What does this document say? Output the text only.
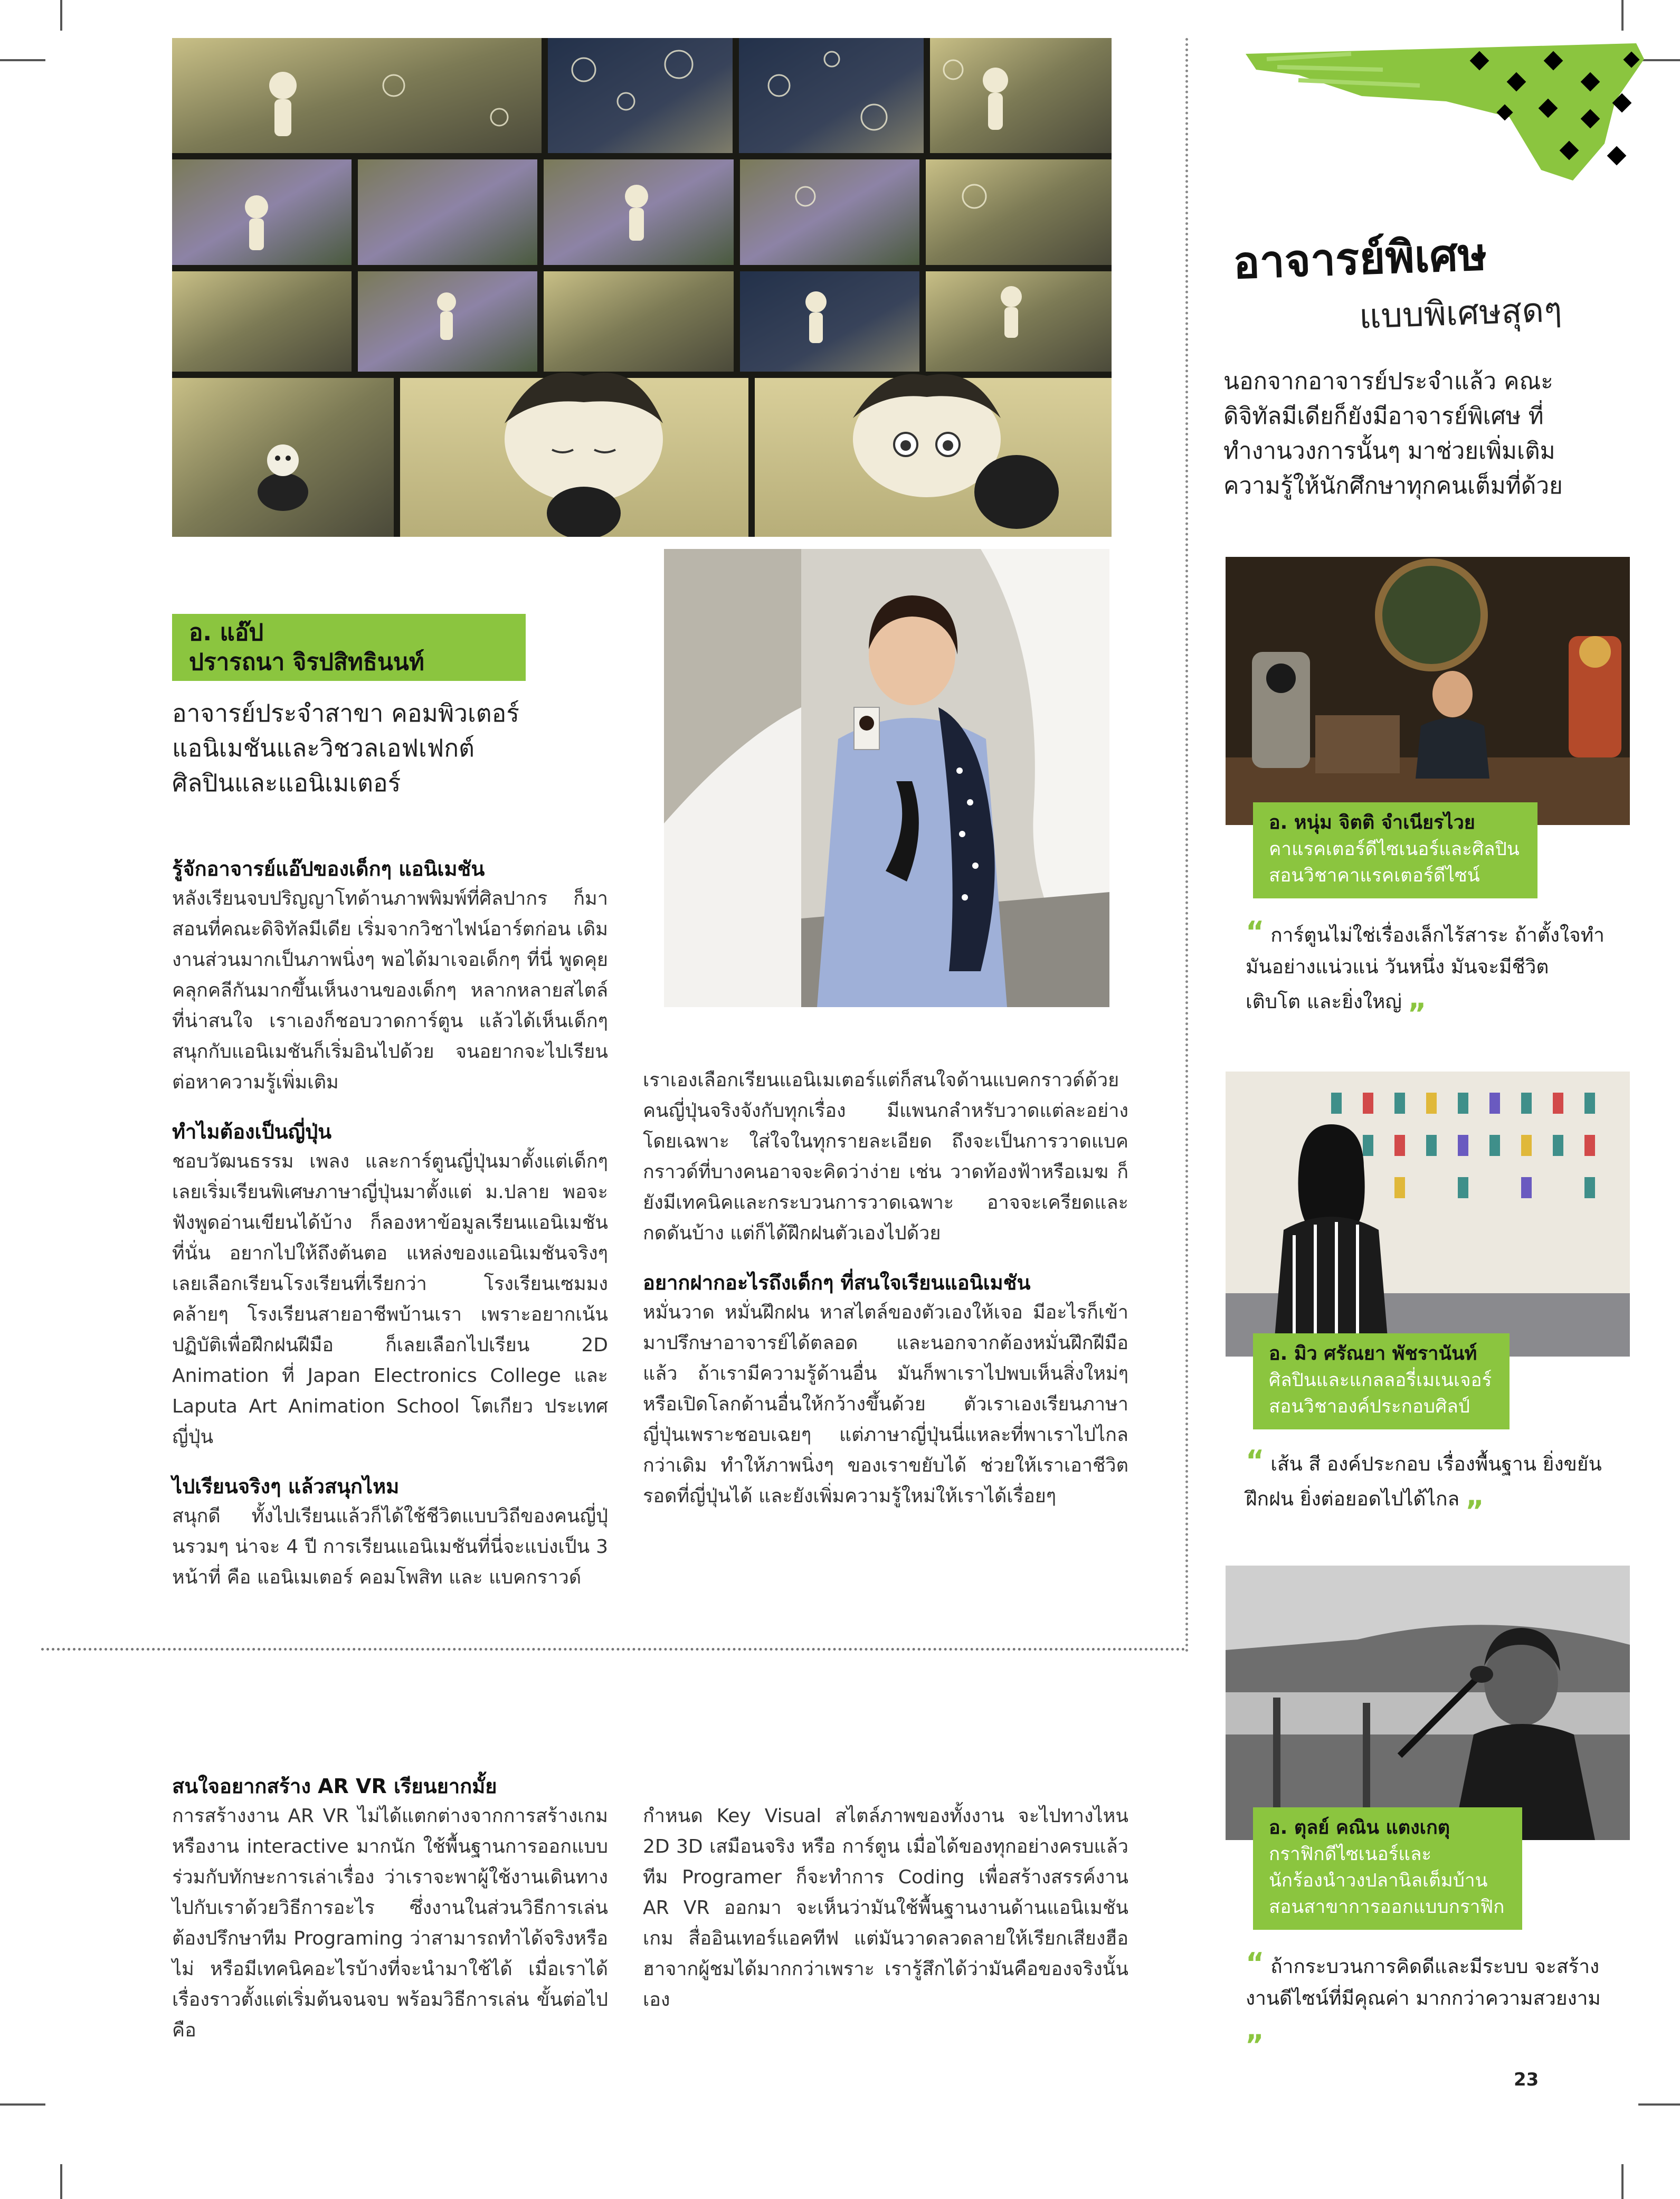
อ. แอ๊ป
ปรารถนา จิรปสิทธินนท์
อาจารย์ประจำสาขา คอมพิวเตอร์แอนิเมชันและวิชวลเอฟเฟกต์ ศิลปินและแอนิเมเตอร์
รู้จักอาจารย์แอ๊ปของเด็กๆ แอนิเมชัน
หลังเรียนจบปริญญาโทด้านภาพพิมพ์ที่ศิลปากร ก็มาสอนที่คณะดิจิทัลมีเดีย เริ่มจากวิชาไฟน์อาร์ตก่อน เดิมงานส่วนมากเป็นภาพนิ่งๆ พอได้มาเจอเด็กๆ ที่นี่ พูดคุยคลุกคลีกันมากขึ้นเห็นงานของเด็กๆ หลากหลายสไตล์ที่น่าสนใจ เราเองก็ชอบวาดการ์ตูน แล้วได้เห็นเด็กๆ สนุกกับแอนิเมชันก็เริ่มอินไปด้วย จนอยากจะไปเรียนต่อหาความรู้เพิ่มเติม
ทำไมต้องเป็นญี่ปุ่น
ชอบวัฒนธรรม เพลง และการ์ตูนญี่ปุ่นมาตั้งแต่เด็กๆ เลยเริ่มเรียนพิเศษภาษาญี่ปุ่นมาตั้งแต่ ม.ปลาย พอจะฟังพูดอ่านเขียนได้บ้าง ก็ลองหาข้อมูลเรียนแอนิเมชันที่นั่น อยากไปให้ถึงต้นตอ แหล่งของแอนิเมชันจริงๆ เลยเลือกเรียนโรงเรียนที่เรียกว่า โรงเรียนเซมมง คล้ายๆ โรงเรียนสายอาชีพบ้านเรา เพราะอยากเน้นปฏิบัติเพื่อฝึกฝนฝีมือ ก็เลยเลือกไปเรียน 2D Animation ที่ Japan Electronics College และ Laputa Art Animation School โตเกียว ประเทศญี่ปุ่น
ไปเรียนจริงๆ แล้วสนุกไหม
สนุกดี ทั้งไปเรียนแล้วก็ได้ใช้ชีวิตแบบวิถีของคนญี่ปุ่นรวมๆ น่าจะ 4 ปี การเรียนแอนิเมชันที่นี่จะแบ่งเป็น 3 หน้าที่ คือ แอนิเมเตอร์ คอมโพสิท และ แบคกราวด์
เราเองเลือกเรียนแอนิเมเตอร์แต่ก็สนใจด้านแบคกราวด์ด้วย คนญี่ปุ่นจริงจังกับทุกเรื่อง มีแพนกลำหรับวาดแต่ละอย่าง โดยเฉพาะ ใส่ใจในทุกรายละเอียด ถึงจะเป็นการวาดแบคกราวด์ที่บางคนอาจจะคิดว่าง่าย เช่น วาดท้องฟ้าหรือเมฆ ก็ยังมีเทคนิคและกระบวนการวาดเฉพาะ อาจจะเครียดและกดดันบ้าง แต่ก็ได้ฝึกฝนตัวเองไปด้วย
อยากฝากอะไรถึงเด็กๆ ที่สนใจเรียนแอนิเมชัน
หมั่นวาด หมั่นฝึกฝน หาสไตล์ของตัวเองให้เจอ มีอะไรก็เข้ามาปรึกษาอาจารย์ได้ตลอด และนอกจากต้องหมั่นฝึกฝีมือแล้ว ถ้าเรามีความรู้ด้านอื่น มันก็พาเราไปพบเห็นสิ่งใหม่ๆ หรือเปิดโลกด้านอื่นให้กว้างขึ้นด้วย ตัวเราเองเรียนภาษาญี่ปุ่นเพราะชอบเฉยๆ แต่ภาษาญี่ปุ่นนี่แหละที่พาเราไปไกลกว่าเดิม ทำให้ภาพนิ่งๆ ของเราขยับได้ ช่วยให้เราเอาชีวิตรอดที่ญี่ปุ่นได้ และยังเพิ่มความรู้ใหม่ให้เราได้เรื่อยๆ
สนใจอยากสร้าง AR VR เรียนยากมั้ย
การสร้างงาน AR VR ไม่ได้แตกต่างจากการสร้างเกมหรืองาน interactive มากนัก ใช้พื้นฐานการออกแบบร่วมกับทักษะการเล่าเรื่อง ว่าเราจะพาผู้ใช้งานเดินทางไปกับเราด้วยวิธีการอะไร ซึ่งงานในส่วนวิธีการเล่นต้องปรึกษาทีม Programing ว่าสามารถทำได้จริงหรือไม่ หรือมีเทคนิคอะไรบ้างที่จะนำมาใช้ได้ เมื่อเราได้เรื่องราวตั้งแต่เริ่มต้นจนจบ พร้อมวิธีการเล่น ขั้นต่อไปคือ
กำหนด Key Visual สไตล์ภาพของทั้งงาน จะไปทางไหน 2D 3D เสมือนจริง หรือ การ์ตูน เมื่อได้ของทุกอย่างครบแล้ว ทีม Programer ก็จะทำการ Coding เพื่อสร้างสรรค์งาน AR VR ออกมา จะเห็นว่ามันใช้พื้นฐานงานด้านแอนิเมชัน เกม สื่ออินเทอร์แอคทีฟ แต่มันวาดลวดลายให้เรียกเสียงฮือฮาจากผู้ชมได้มากกว่าเพราะ เรารู้สึกได้ว่ามันคือของจริงนั้นเอง
อาจารย์พิเศษ
แบบพิเศษสุดๆ
นอกจากอาจารย์ประจำแล้ว คณะดิจิทัลมีเดียก็ยังมีอาจารย์พิเศษ ที่ทำงานวงการนั้นๆ มาช่วยเพิ่มเติม ความรู้ให้นักศึกษาทุกคนเต็มที่ด้วย
อ. หนุ่ม จิตติ จำเนียรไวย
คาแรคเตอร์ดีไซเนอร์และศิลปิน
สอนวิชาคาแรคเตอร์ดีไซน์
“ การ์ตูนไม่ใช่เรื่องเล็กไร้สาระ ถ้าตั้งใจทำมันอย่างแน่วแน่ วันหนึ่ง มันจะมีชีวิต เติบโต และยิ่งใหญ่ „
อ. มิว ศรัณยา พัชรานันท์
ศิลปินและแกลลอรี่เมเนเจอร์
สอนวิชาองค์ประกอบศิลป์
“ เส้น สี องค์ประกอบ เรื่องพื้นฐาน ยิ่งขยันฝึกฝน ยิ่งต่อยอดไปได้ไกล „
อ. ตุลย์ คณิน แตงเกตุ
กราฟิกดีไซเนอร์และ
นักร้องนำวงปลานิลเต็มบ้าน
สอนสาขาการออกแบบกราฟิก
“ ถ้ากระบวนการคิดดีและมีระบบ จะสร้างงานดีไซน์ที่มีคุณค่า มากกว่าความสวยงาม „
23
